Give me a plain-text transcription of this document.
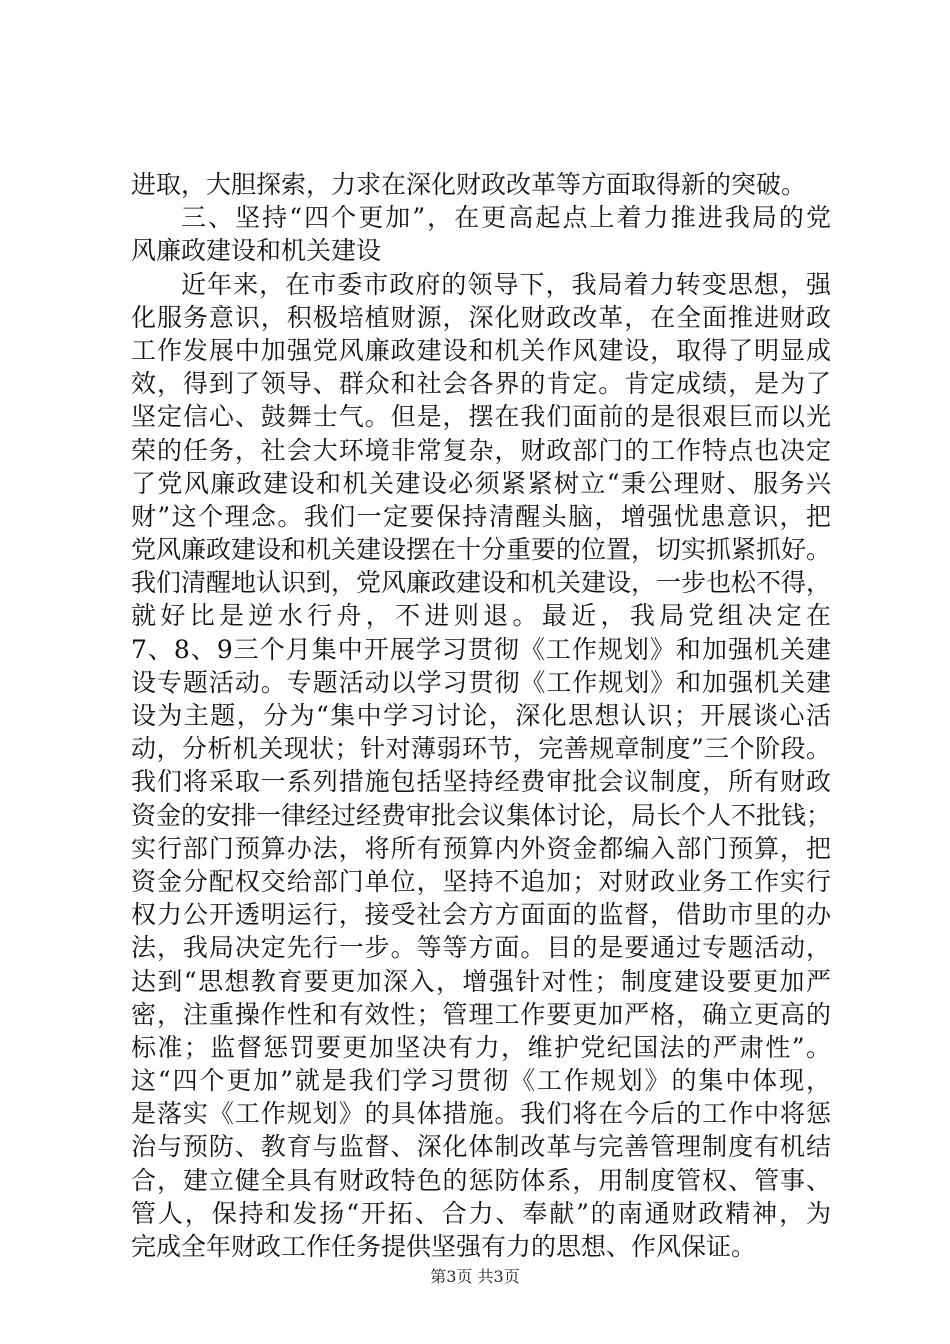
进取，大胆探索，力求在深化财政改革等方面取得新的突破。
三、坚持“四个更加”，在更高起点上着力推进我局的党
风廉政建设和机关建设
近年来，在市委市政府的领导下，我局着力转变思想，强
化服务意识，积极培植财源，深化财政改革，在全面推进财政
工作发展中加强党风廉政建设和机关作风建设，取得了明显成
效，得到了领导、群众和社会各界的肯定。肯定成绩，是为了
坚定信心、鼓舞士气。但是，摆在我们面前的是很艰巨而以光
荣的任务，社会大环境非常复杂，财政部门的工作特点也决定
了党风廉政建设和机关建设必须紧紧树立“秉公理财、服务兴
财”这个理念。我们一定要保持清醒头脑，增强忧患意识，把
党风廉政建设和机关建设摆在十分重要的位置，切实抓紧抓好。
我们清醒地认识到，党风廉政建设和机关建设，一步也松不得，
就好比是逆水行舟，不进则退。最近，我局党组决定在
7、8、9三个月集中开展学习贯彻《工作规划》和加强机关建
设专题活动。专题活动以学习贯彻《工作规划》和加强机关建
设为主题，分为“集中学习讨论，深化思想认识；开展谈心活
动，分析机关现状；针对薄弱环节，完善规章制度”三个阶段。
我们将采取一系列措施包括坚持经费审批会议制度，所有财政
资金的安排一律经过经费审批会议集体讨论，局长个人不批钱；
实行部门预算办法，将所有预算内外资金都编入部门预算，把
资金分配权交给部门单位，坚持不追加；对财政业务工作实行
权力公开透明运行，接受社会方方面面的监督，借助市里的办
法，我局决定先行一步。等等方面。目的是要通过专题活动，
达到“思想教育要更加深入，增强针对性；制度建设要更加严
密，注重操作性和有效性；管理工作要更加严格，确立更高的
标准；监督惩罚要更加坚决有力，维护党纪国法的严肃性”。
这“四个更加”就是我们学习贯彻《工作规划》的集中体现，
是落实《工作规划》的具体措施。我们将在今后的工作中将惩
治与预防、教育与监督、深化体制改革与完善管理制度有机结
合，建立健全具有财政特色的惩防体系，用制度管权、管事、
管人，保持和发扬“开拓、合力、奉献”的南通财政精神，为
完成全年财政工作任务提供坚强有力的思想、作风保证。
第3页 共3页
